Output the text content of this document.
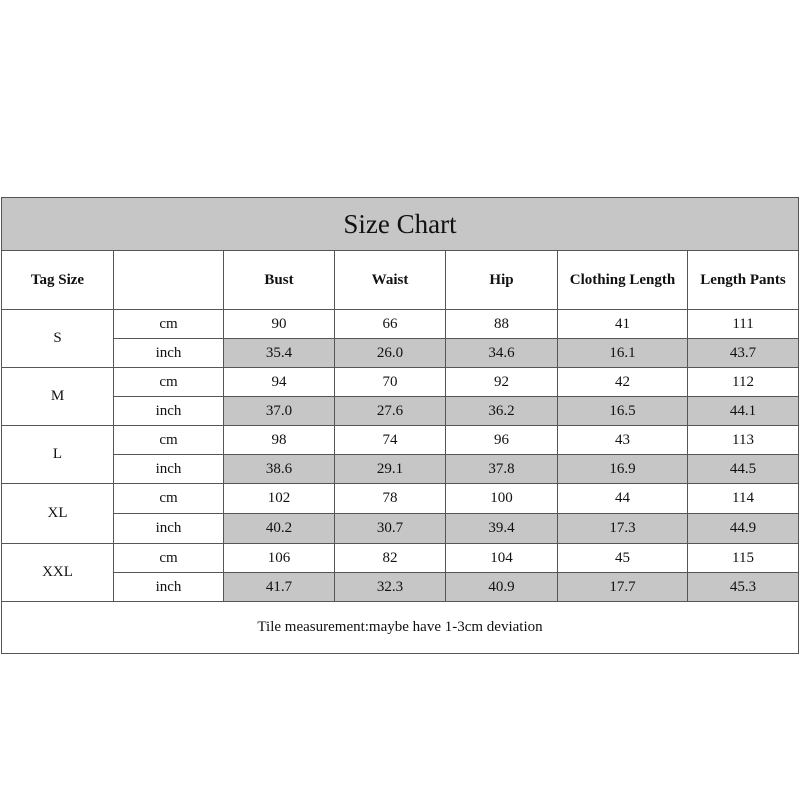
Size Chart						
Tag Size		Bust	Waist	Hip	Clothing Length	Length Pants
S	cm	90	66	88	41	111
	inch	35.4	26.0	34.6	16.1	43.7
M	cm	94	70	92	42	112
	inch	37.0	27.6	36.2	16.5	44.1
L	cm	98	74	96	43	113
	inch	38.6	29.1	37.8	16.9	44.5
XL	cm	102	78	100	44	114
	inch	40.2	30.7	39.4	17.3	44.9
XXL	cm	106	82	104	45	115
	inch	41.7	32.3	40.9	17.7	45.3
Tile measurement:maybe have 1-3cm deviation						
